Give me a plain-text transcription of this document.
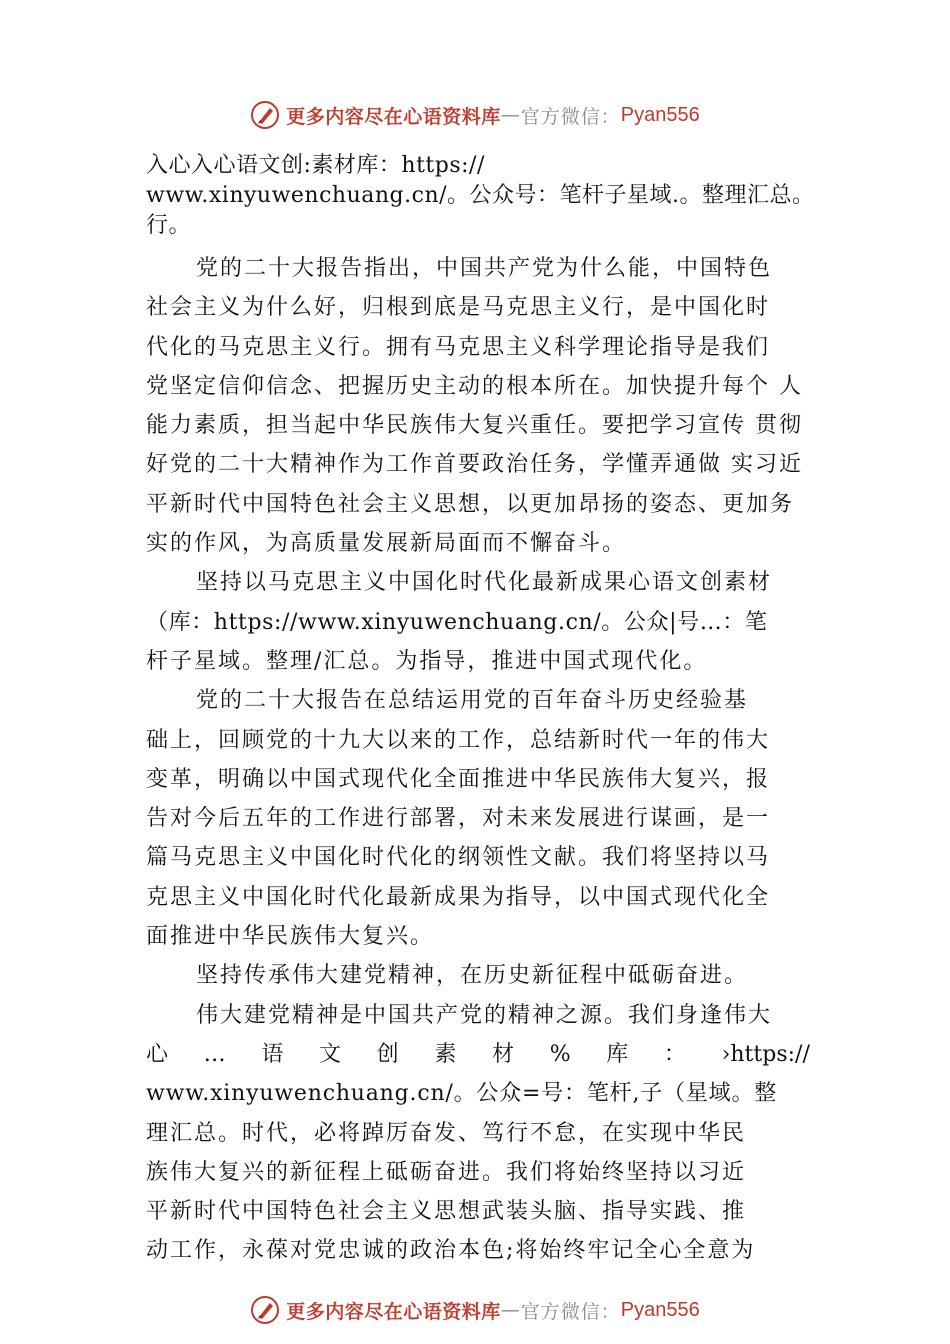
更多内容尽在心语资料库 — 官方微信： Pyan556
入心入心语文创:素材库：https://
www.xinyuwenchuang.cn/。公众号：笔杆子星域.。整理汇总。
行。
党的二十大报告指出，中国共产党为什么能，中国特色
社会主义为什么好，归根到底是马克思主义行，是中国化时
代化的马克思主义行。拥有马克思主义科学理论指导是我们
党坚定信仰信念、把握历史主动的根本所在。加快提升每个 人
能力素质，担当起中华民族伟大复兴重任。要把学习宣传 贯彻
好党的二十大精神作为工作首要政治任务，学懂弄通做 实习近
平新时代中国特色社会主义思想，以更加昂扬的姿态、更加务
实的作风，为高质量发展新局面而不懈奋斗。
坚持以马克思主义中国化时代化最新成果心语文创素材
（库：https://www.xinyuwenchuang.cn/。公众|号…：笔
杆子星域。整理/汇总。为指导，推进中国式现代化。
党的二十大报告在总结运用党的百年奋斗历史经验基
础上，回顾党的十九大以来的工作，总结新时代一年的伟大
变革，明确以中国式现代化全面推进中华民族伟大复兴，报
告对今后五年的工作进行部署，对未来发展进行谋画，是一
篇马克思主义中国化时代化的纲领性文献。我们将坚持以马
克思主义中国化时代化最新成果为指导，以中国式现代化全
面推进中华民族伟大复兴。
坚持传承伟大建党精神，在历史新征程中砥砺奋进。
伟大建党精神是中国共产党的精神之源。我们身逢伟大
心 … 语 文 创 素 材 % 库 ： ›https://
www.xinyuwenchuang.cn/。公众=号：笔杆,子（星域。整
理汇总。时代，必将踔厉奋发、笃行不怠，在实现中华民
族伟大复兴的新征程上砥砺奋进。我们将始终坚持以习近
平新时代中国特色社会主义思想武装头脑、指导实践、推
动工作，永葆对党忠诚的政治本色;将始终牢记全心全意为
更多内容尽在心语资料库 — 官方微信： Pyan556
